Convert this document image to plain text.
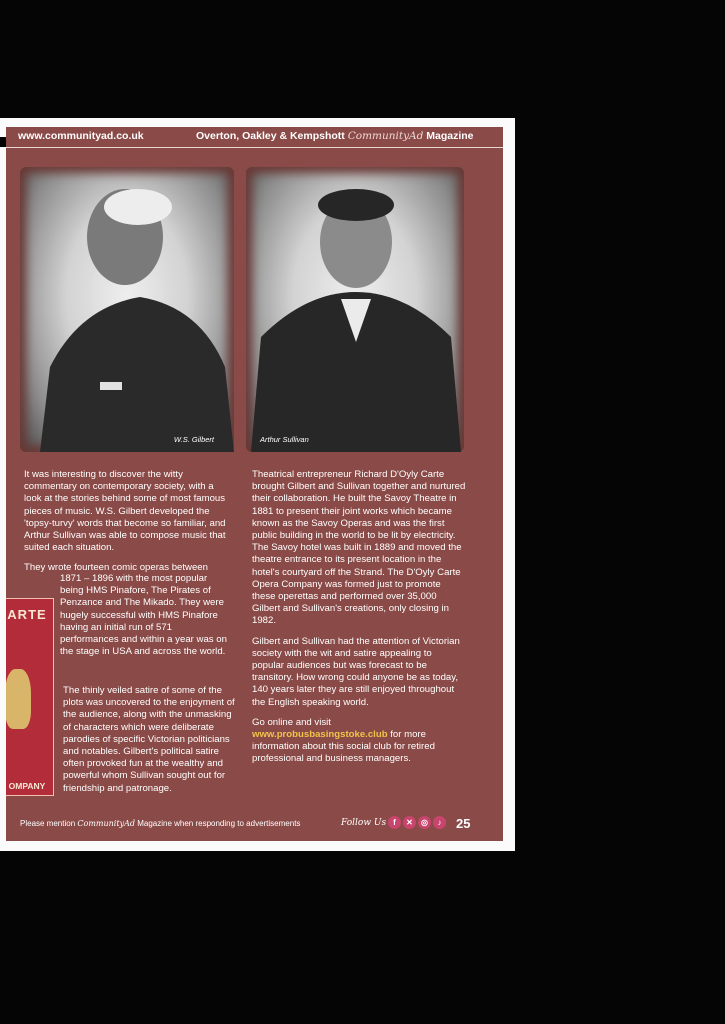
www.communityad.co.uk	Overton, Oakley & Kempshott CommunityAd Magazine
W.S. Gilbert	Arthur Sullivan

It was interesting to discover the witty commentary on contemporary society, with a look at the stories behind some of most famous pieces of music. W.S. Gilbert developed the 'topsy-turvy' words that become so familiar, and Arthur Sullivan was able to compose music that suited each situation.

They wrote fourteen comic operas between

1871 – 1896 with the most popular being HMS Pinafore, The Pirates of Penzance and The Mikado. They were hugely successful with HMS Pinafore having an initial run of 571 performances and within a year was on the stage in USA and across the world.

The thinly veiled satire of some of the plots was uncovered to the enjoyment of the audience, along with the unmasking of characters which were deliberate parodies of specific Victorian politicians and notables. Gilbert's political satire often provoked fun at the wealthy and powerful whom Sullivan sought out for friendship and patronage.

Theatrical entrepreneur Richard D'Oyly Carte brought Gilbert and Sullivan together and nurtured their collaboration. He built the Savoy Theatre in 1881 to present their joint works which became known as the Savoy Operas and was the first public building in the world to be lit by electricity. The Savoy hotel was built in 1889 and moved the theatre entrance to its present location in the hotel's courtyard off the Strand. The D'Oyly Carte Opera Company was formed just to promote these operettas and performed over 35,000 Gilbert and Sullivan's creations, only closing in 1982.

Gilbert and Sullivan had the attention of Victorian society with the wit and satire appealing to popular audiences but was forecast to be transitory. How wrong could anyone be as today, 140 years later they are still enjoyed throughout the English speaking world.

Go online and visit
www.probusbasingstoke.club for more information about this social club for retired professional and business managers.

ARTE
OMPANY
Please mention CommunityAd Magazine when responding to advertisements	Follow Us f	✕	◎	♪	25
